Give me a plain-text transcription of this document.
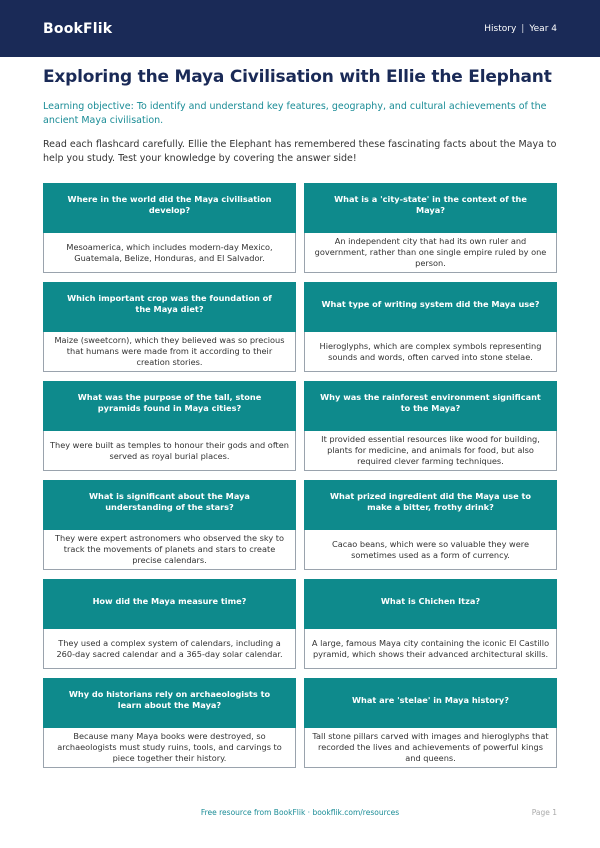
BookFlik	History | Year 4
Exploring the Maya Civilisation with Ellie the Elephant

Learning objective: To identify and understand key features, geography, and cultural achievements of the ancient Maya civilisation.

Read each flashcard carefully. Ellie the Elephant has remembered these fascinating facts about the Maya to help you study. Test your knowledge by covering the answer side!

Where in the world did the Maya civilisation develop?
Mesoamerica, which includes modern-day Mexico, Guatemala, Belize, Honduras, and El Salvador.
What is a 'city-state' in the context of the Maya?
An independent city that had its own ruler and government, rather than one single empire ruled by one person.
Which important crop was the foundation of the Maya diet?
Maize (sweetcorn), which they believed was so precious that humans were made from it according to their creation stories.
What type of writing system did the Maya use?
Hieroglyphs, which are complex symbols representing sounds and words, often carved into stone stelae.
What was the purpose of the tall, stone pyramids found in Maya cities?
They were built as temples to honour their gods and often served as royal burial places.
Why was the rainforest environment significant to the Maya?
It provided essential resources like wood for building, plants for medicine, and animals for food, but also required clever farming techniques.
What is significant about the Maya understanding of the stars?
They were expert astronomers who observed the sky to track the movements of planets and stars to create precise calendars.
What prized ingredient did the Maya use to make a bitter, frothy drink?
Cacao beans, which were so valuable they were sometimes used as a form of currency.
How did the Maya measure time?
They used a complex system of calendars, including a 260-day sacred calendar and a 365-day solar calendar.
What is Chichen Itza?
A large, famous Maya city containing the iconic El Castillo pyramid, which shows their advanced architectural skills.
Why do historians rely on archaeologists to learn about the Maya?
Because many Maya books were destroyed, so archaeologists must study ruins, tools, and carvings to piece together their history.
What are 'stelae' in Maya history?
Tall stone pillars carved with images and hieroglyphs that recorded the lives and achievements of powerful kings and queens.
Free resource from BookFlik · bookflik.com/resources	Page 1
